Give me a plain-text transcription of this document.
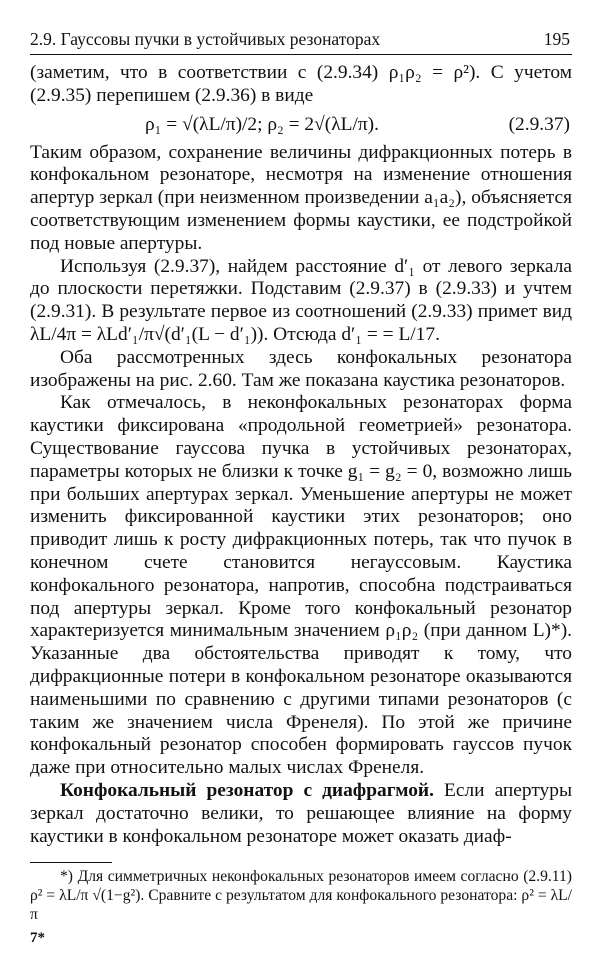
2.9. Гауссовы пучки в устойчивых резонаторах	195

(заметим, что в соответствии с (2.9.34) ρ₁ρ₂ = ρ²). С учетом (2.9.35) перепишем (2.9.36) в виде

ρ₁ = √(λL/π)/2; ρ₂ = 2√(λL/π).	(2.9.37)

Таким образом, сохранение величины дифракционных потерь в конфокальном резонаторе, несмотря на изменение отношения апертур зеркал (при неизменном произведении a₁a₂), объясняется соответствующим изменением формы каустики, ее подстройкой под новые апертуры.

Используя (2.9.37), найдем расстояние d′₁ от левого зеркала до плоскости перетяжки. Подставим (2.9.37) в (2.9.33) и учтем (2.9.31). В результате первое из соотношений (2.9.33) примет вид λL/4π = λLd′₁/π√(d′₁(L − d′₁)). Отсюда d′₁ = = L/17.

Оба рассмотренных здесь конфокальных резонатора изображены на рис. 2.60. Там же показана каустика резонаторов.

Как отмечалось, в неконфокальных резонаторах форма каустики фиксирована «продольной геометрией» резонатора. Существование гауссова пучка в устойчивых резонаторах, параметры которых не близки к точке g₁ = g₂ = 0, возможно лишь при больших апертурах зеркал. Уменьшение апертуры не может изменить фиксированной каустики этих резонаторов; оно приводит лишь к росту дифракционных потерь, так что пучок в конечном счете становится негауссовым. Каустика конфокального резонатора, напротив, способна подстраиваться под апертуры зеркал. Кроме того конфокальный резонатор характеризуется минимальным значением ρ₁ρ₂ (при данном L)*). Указанные два обстоятельства приводят к тому, что дифракционные потери в конфокальном резонаторе оказываются наименьшими по сравнению с другими типами резонаторов (с таким же значением числа Френеля). По этой же причине конфокальный резонатор способен формировать гауссов пучок даже при относительно малых числах Френеля.

Конфокальный резонатор с диафрагмой. Если апертуры зеркал достаточно велики, то решающее влияние на форму каустики в конфокальном резонаторе может оказать диаф-

*) Для симметричных неконфокальных резонаторов имеем согласно (2.9.11) ρ² = λL/π √(1−g²). Сравните с результатом для конфокального резонатора: ρ² = λL/π

7*
